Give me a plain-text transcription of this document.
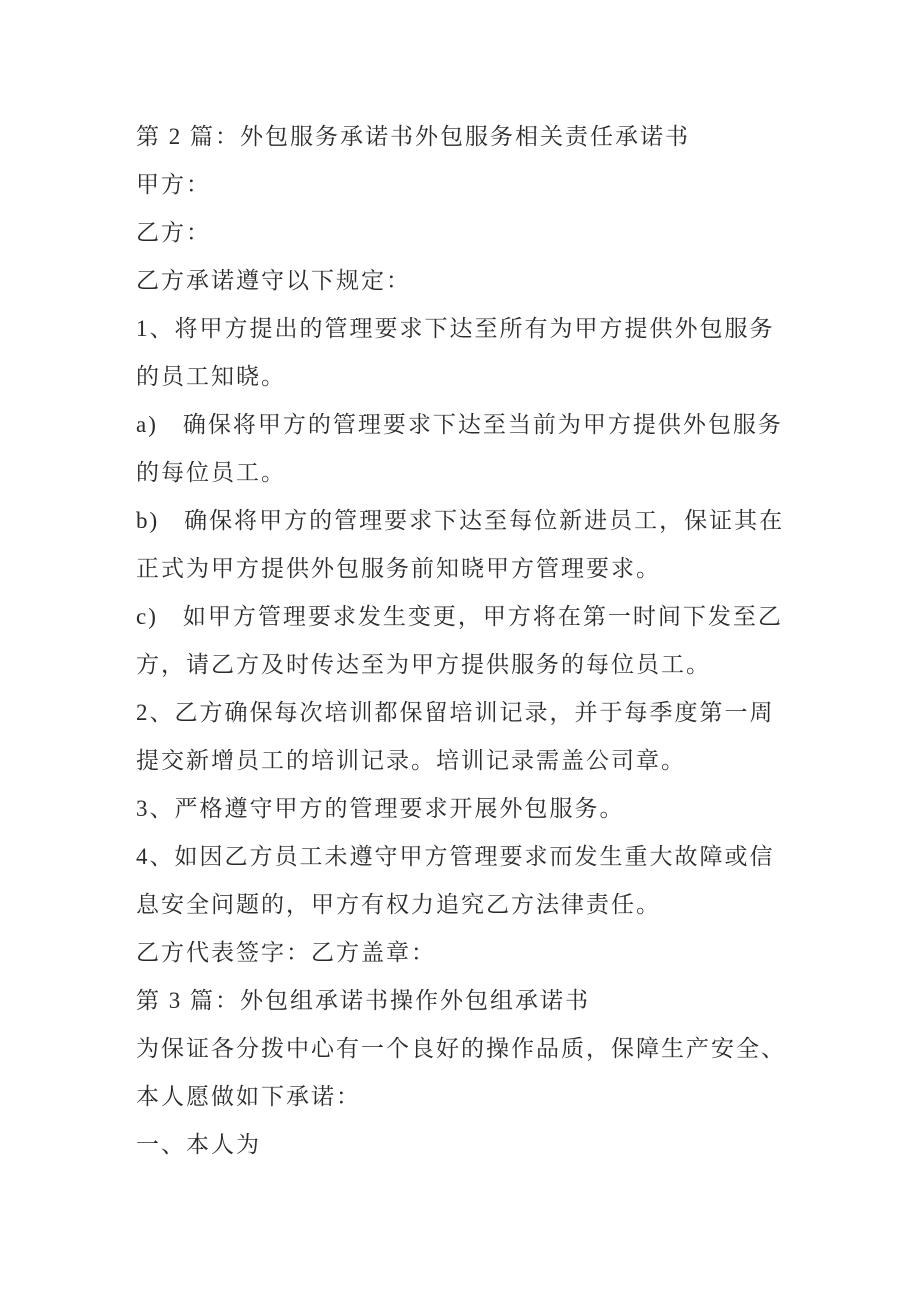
第 2 篇：外包服务承诺书外包服务相关责任承诺书
甲方：
乙方：
乙方承诺遵守以下规定：
1、将甲方提出的管理要求下达至所有为甲方提供外包服务
的员工知晓。
a)　确保将甲方的管理要求下达至当前为甲方提供外包服务
的每位员工。
b)　确保将甲方的管理要求下达至每位新进员工，保证其在
正式为甲方提供外包服务前知晓甲方管理要求。
c)　如甲方管理要求发生变更，甲方将在第一时间下发至乙
方，请乙方及时传达至为甲方提供服务的每位员工。
2、乙方确保每次培训都保留培训记录，并于每季度第一周
提交新增员工的培训记录。培训记录需盖公司章。
3、严格遵守甲方的管理要求开展外包服务。
4、如因乙方员工未遵守甲方管理要求而发生重大故障或信
息安全问题的，甲方有权力追究乙方法律责任。
乙方代表签字：乙方盖章：
第 3 篇：外包组承诺书操作外包组承诺书
为保证各分拨中心有一个良好的操作品质，保障生产安全、
本人愿做如下承诺：
一、本人为
